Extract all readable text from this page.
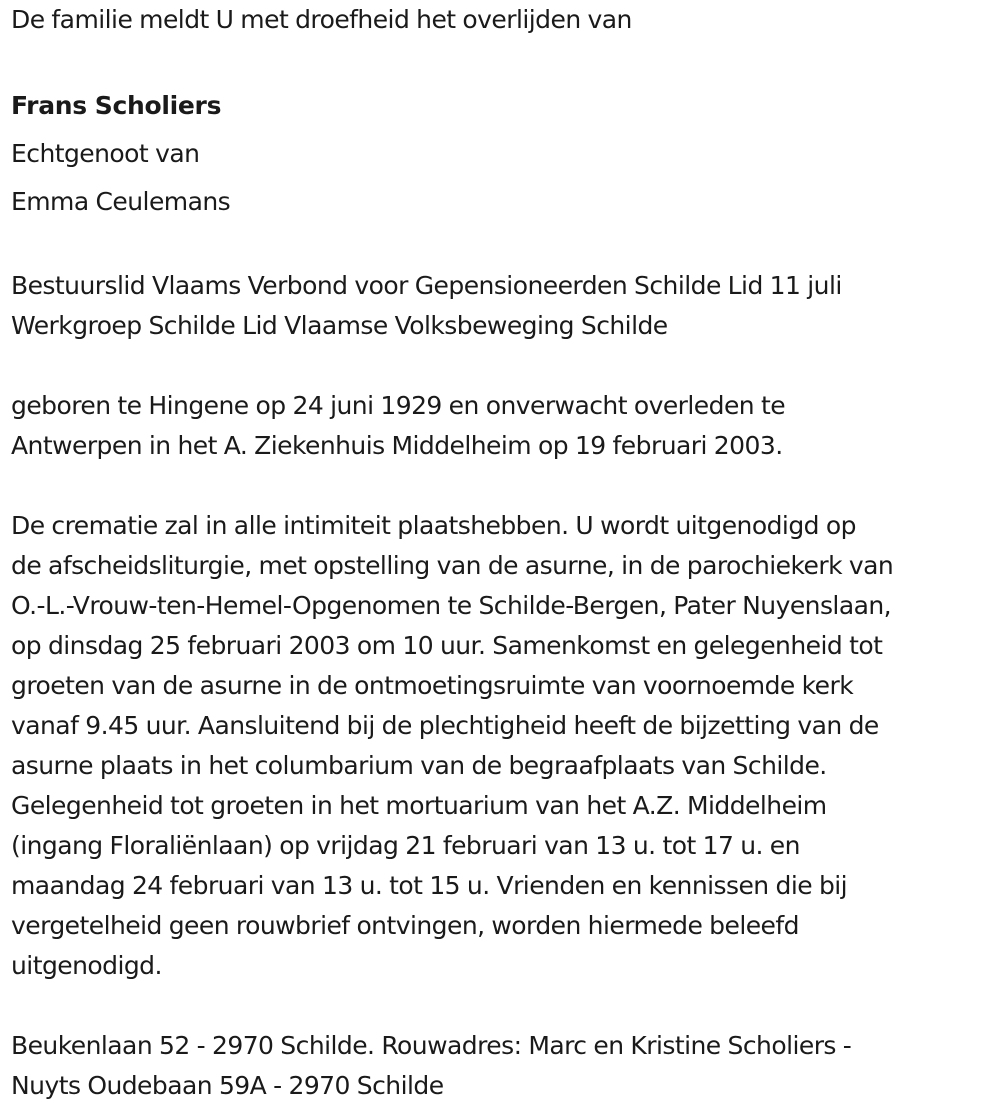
De familie meldt U met droefheid het overlijden van
Frans Scholiers
Echtgenoot van
Emma Ceulemans
Bestuurslid Vlaams Verbond voor Gepensioneerden Schilde Lid 11 juli
Werkgroep Schilde Lid Vlaamse Volksbeweging Schilde
geboren te Hingene op 24 juni 1929 en onverwacht overleden te
Antwerpen in het A. Ziekenhuis Middelheim op 19 februari 2003.
De crematie zal in alle intimiteit plaatshebben. U wordt uitgenodigd op
de afscheidsliturgie, met opstelling van de asurne, in de parochiekerk van
O.-L.-Vrouw-ten-Hemel-Opgenomen te Schilde-Bergen, Pater Nuyenslaan,
op dinsdag 25 februari 2003 om 10 uur. Samenkomst en gelegenheid tot
groeten van de asurne in de ontmoetingsruimte van voornoemde kerk
vanaf 9.45 uur. Aansluitend bij de plechtigheid heeft de bijzetting van de
asurne plaats in het columbarium van de begraafplaats van Schilde.
Gelegenheid tot groeten in het mortuarium van het A.Z. Middelheim
(ingang Floraliënlaan) op vrijdag 21 februari van 13 u. tot 17 u. en
maandag 24 februari van 13 u. tot 15 u. Vrienden en kennissen die bij
vergetelheid geen rouwbrief ontvingen, worden hiermede beleefd
uitgenodigd.
Beukenlaan 52 - 2970 Schilde. Rouwadres: Marc en Kristine Scholiers -
Nuyts Oudebaan 59A - 2970 Schilde
